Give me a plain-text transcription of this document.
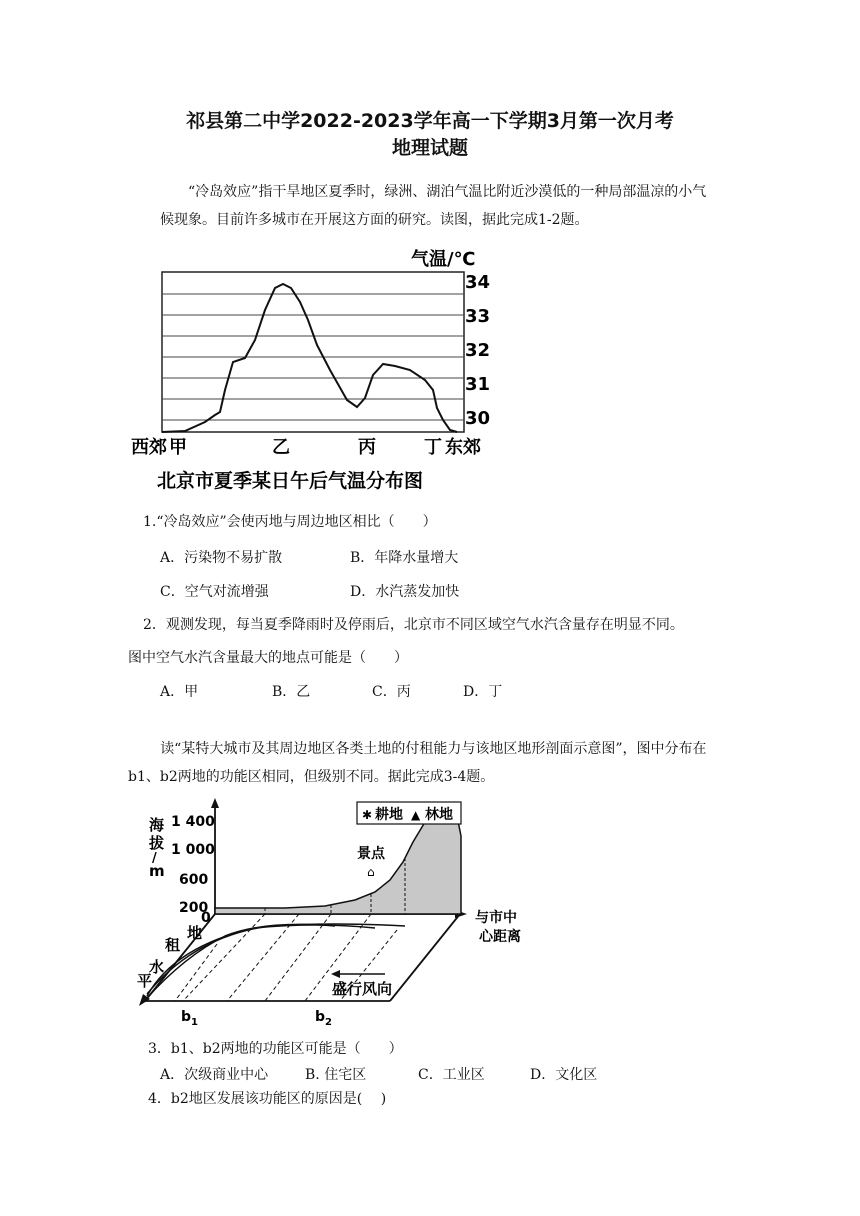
祁县第二中学2022-2023学年高一下学期3月第一次月考
地理试题
“冷岛效应”指干旱地区夏季时，绿洲、湖泊气温比附近沙漠低的一种局部温凉的小气候现象。目前许多城市在开展这方面的研究。读图，据此完成1-2题。
气温/℃
34
33
32
31
30
西郊 甲	乙	丙	丁 东郊
北京市夏季某日午后气温分布图
1.“冷岛效应”会使丙地与周边地区相比（　　）
A．污染物不易扩散	B．年降水量增大
C．空气对流增强	D．水汽蒸发加快
2．观测发现，每当夏季降雨时及停雨后，北京市不同区域空气水汽含量存在明显不同。
图中空气水汽含量最大的地点可能是（　　）
A．甲	B．乙	C．丙	D．丁
读“某特大城市及其周边地区各类土地的付租能力与该地区地形剖面示意图”，图中分布在b1、b2两地的功能区相同，但级别不同。据此完成3-4题。
海
拔
/
m
1 400
1 000
600
200
0
✱ 耕地 ▲ 林地
景点
⌂
与市中
心距离
地
租
水
平	盛行风向
$b_1$	$b_2$
3．b1、b2两地的功能区可能是（　　）
A．次级商业中心	B. 住宅区	C．工业区	D．文化区
4．b2地区发展该功能区的原因是(　 )
